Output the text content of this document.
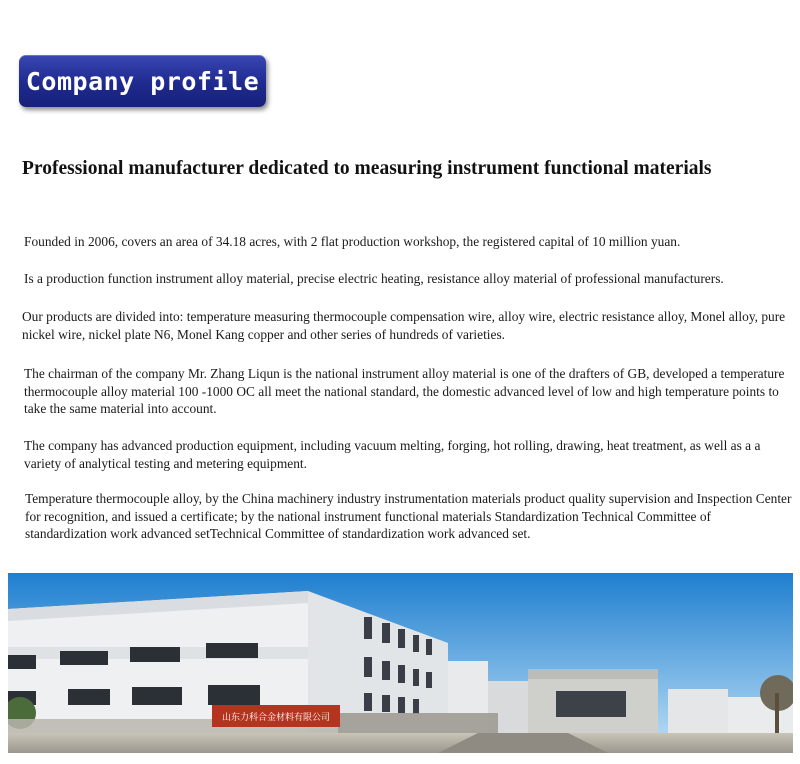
Company profile
Professional manufacturer dedicated to measuring instrument functional materials
Founded in 2006, covers an area of 34.18 acres, with 2 flat production workshop, the registered capital of 10 million yuan.
Is a production function instrument alloy material, precise electric heating, resistance alloy material of professional manufacturers.
Our products are divided into: temperature measuring thermocouple compensation wire, alloy wire, electric resistance alloy, Monel alloy, pure nickel wire, nickel plate N6, Monel Kang copper and other series of hundreds of varieties.
The chairman of the company Mr. Zhang Liqun is the national instrument alloy material is one of the drafters of GB, developed a temperature thermocouple alloy material 100 -1000 OC all meet the national standard, the domestic advanced level of low and high temperature points to take the same material into account.
The company has advanced production equipment, including vacuum melting, forging, hot rolling, drawing, heat treatment, as well as a a variety of analytical testing and metering equipment.
Temperature thermocouple alloy, by the China machinery industry instrumentation materials product quality supervision and Inspection Center for recognition, and issued a certificate; by the national instrument functional materials Standardization Technical Committee of standardization work advanced setTechnical Committee of standardization work advanced set.
山东力科合金材料有限公司
